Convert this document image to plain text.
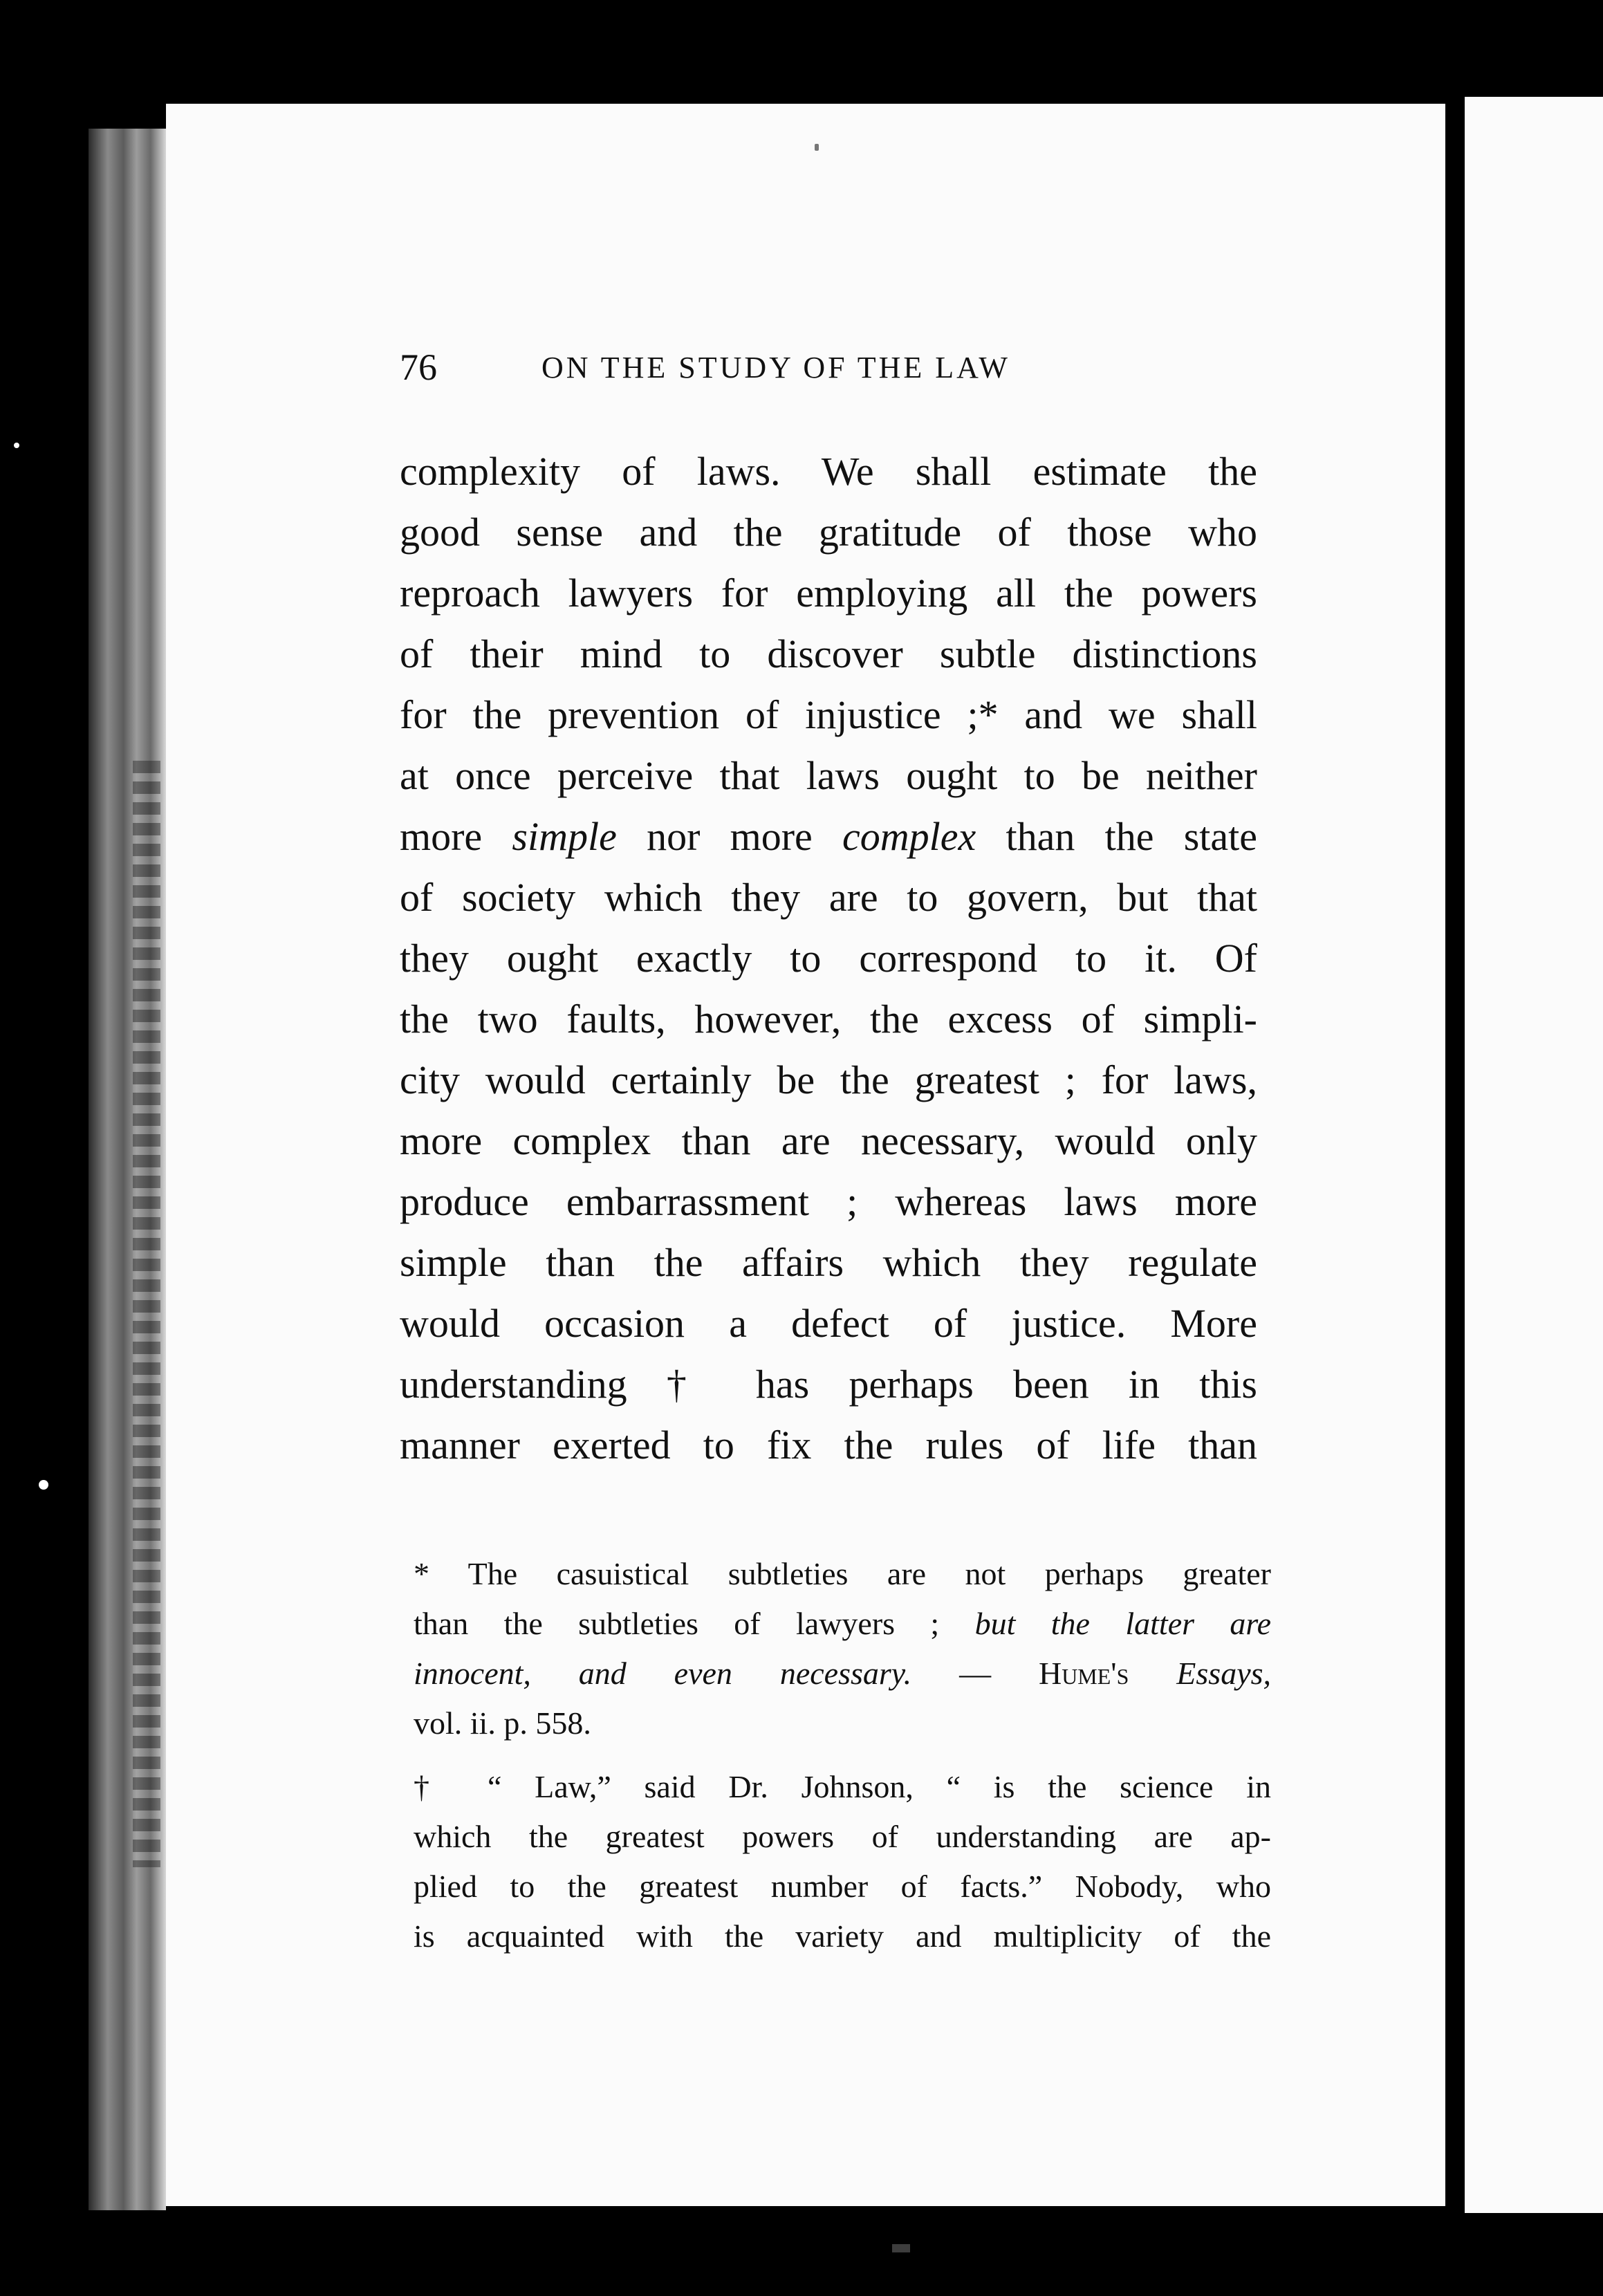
76	ON THE STUDY OF THE LAW
complexity of laws. We shall estimate the
good sense and the gratitude of those who
reproach lawyers for employing all the powers
of their mind to discover subtle distinctions
for the prevention of injustice ;* and we shall
at once perceive that laws ought to be neither
more simple nor more complex than the state
of society which they are to govern, but that
they ought exactly to correspond to it. Of
the two faults, however, the excess of simpli-
city would certainly be the greatest ; for laws,
more complex than are necessary, would only
produce embarrassment ; whereas laws more
simple than the affairs which they regulate
would occasion a defect of justice. More
understanding † has perhaps been in this
manner exerted to fix the rules of life than
* The casuistical subtleties are not perhaps greater
than the subtleties of lawyers ; but the latter are
innocent, and even necessary. — Hume's Essays,
vol. ii. p. 558.
† “ Law,” said Dr. Johnson, “ is the science in
which the greatest powers of understanding are ap-
plied to the greatest number of facts.” Nobody, who
is acquainted with the variety and multiplicity of the
